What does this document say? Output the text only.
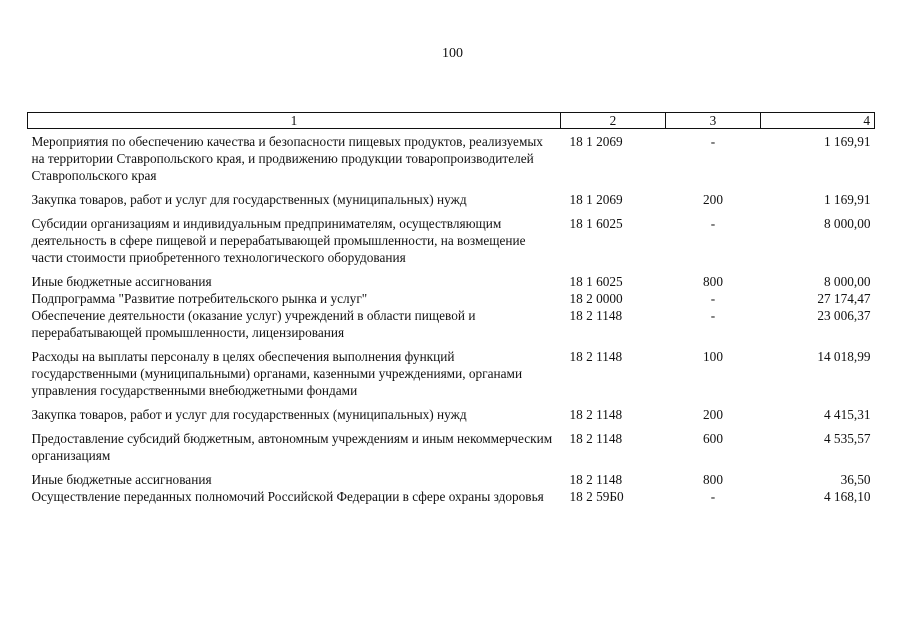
100
1	2	3	4
Мероприятия по обеспечению качества и безопасности пищевых продуктов, реализуемых на территории Ставропольского края, и продвижению продукции товаропроизводителей Ставропольского края	18 1 2069	-	1 169,91
Закупка товаров, работ и услуг для государственных (муниципальных) нужд	18 1 2069	200	1 169,91
Субсидии организациям и индивидуальным предпринимателям, осуществляющим деятельность в сфере пищевой и перерабатывающей промышленности, на возмещение части стоимости приобретенного технологического оборудования	18 1 6025	-	8 000,00
Иные бюджетные ассигнования	18 1 6025	800	8 000,00
Подпрограмма "Развитие потребительского рынка и услуг"	18 2 0000	-	27 174,47
Обеспечение деятельности (оказание услуг) учреждений в области пищевой и перерабатывающей промышленности, лицензирования	18 2 1148	-	23 006,37
Расходы на выплаты персоналу в целях обеспечения выполнения функций государственными (муниципальными) органами, казенными учреждениями, органами управления государственными внебюджетными фондами	18 2 1148	100	14 018,99
Закупка товаров, работ и услуг для государственных (муниципальных) нужд	18 2 1148	200	4 415,31
Предоставление субсидий бюджетным, автономным учреждениям и иным некоммерческим организациям	18 2 1148	600	4 535,57
Иные бюджетные ассигнования	18 2 1148	800	36,50
Осуществление переданных полномочий Российской Федерации в сфере охраны здоровья	18 2 59Б0	-	4 168,10
